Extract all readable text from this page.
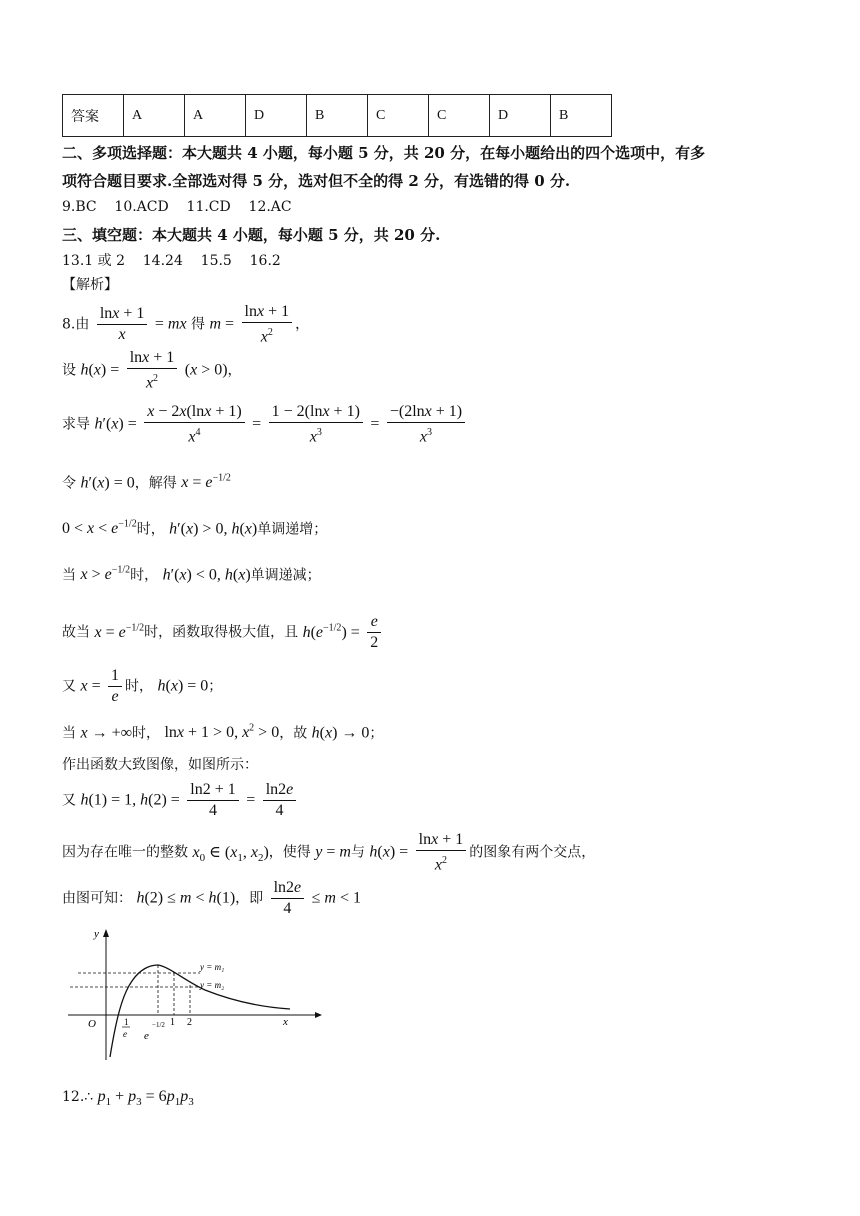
答案	A	A	D	B	C	C	D	B
二、多项选择题：本大题共 4 小题，每小题 5 分，共 20 分，在每小题给出的四个选项中，有多
项符合题目要求.全部选对得 5 分，选对但不全的得 2 分，有选错的得 0 分.
9.BC    10.ACD    11.CD    12.AC
三、填空题：本大题共 4 小题，每小题 5 分，共 20 分.
13.1 或 2    14.24    15.5    16.2
【解析】
8.由 $\frac{\ln x + 1}{x}$ = mx 得 $m = \frac{\ln x + 1}{x^2}$ ，
设 $h(x) = \frac{\ln x + 1}{x^2} (x > 0)$，
求导 $h'(x) = \frac{x - 2x(\ln x + 1)}{x^4} = \frac{1 - 2(\ln x + 1)}{x^3} = \frac{-(2\ln x + 1)}{x^3}$
令 h′(x) = 0，解得 $x = e^{-1/2}$
$0 < x < e^{-1/2}$时， h′(x) > 0, h(x)单调递增；
当 $x > e^{-1/2}$时， h′(x) < 0, h(x)单调递减；
故当 $x = e^{-1/2}$时，函数取得极大值，且 $h(e^{-1/2}) = \frac{e}{2}$
又 $x = \frac{1}{e}$ 时， h(x) = 0；
当 x → +∞时， lnx + 1 > 0, $x^2 > 0$，故 h(x) → 0；
作出函数大致图像，如图所示：
又 h(1) = 1, $h(2) = \frac{\ln 2 + 1}{4} = \frac{\ln 2e}{4}$
因为存在唯一的整数 $x_0$ ∈ ($x_1$, $x_2$)，使得 y = m与 $h(x) = \frac{\ln x + 1}{x^2}$ 的图象有两个交点，
由图可知： h(2) ≤ m < h(1)，即 $\frac{\ln 2e}{4} \le m < 1$
y
x
O
y = m₁
y = m₂
1 2
1
e e
−1/2
12.∴ $p_1 + p_3 = 6p_1p_3$
